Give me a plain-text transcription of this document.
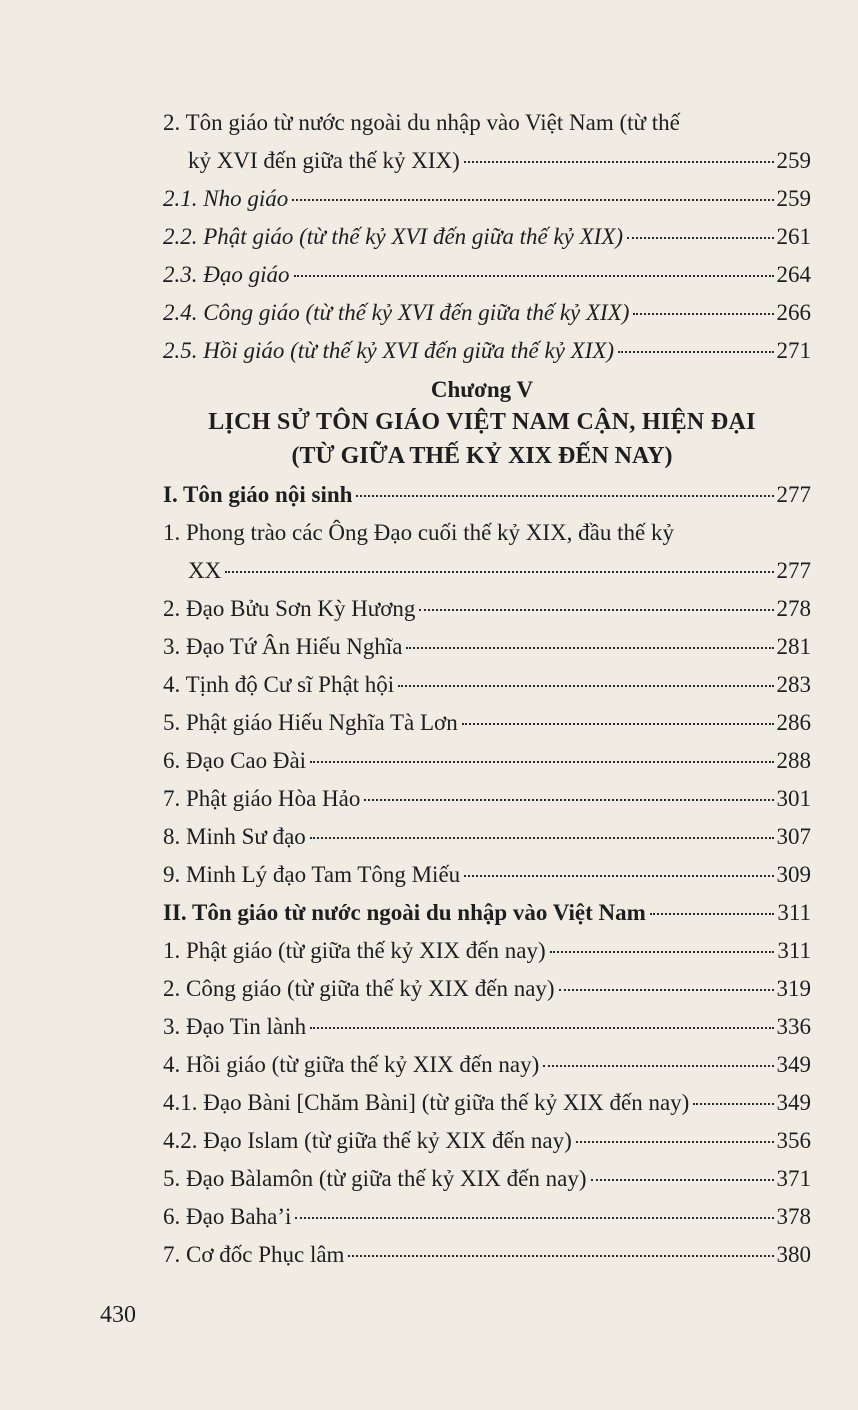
2. Tôn giáo từ nước ngoài du nhập vào Việt Nam (từ thế
kỷ XVI đến giữa thế kỷ XIX)	259
2.1. Nho giáo	259
2.2. Phật giáo (từ thế kỷ XVI đến giữa thế kỷ XIX)	261
2.3. Đạo giáo	264
2.4. Công giáo (từ thế kỷ XVI đến giữa thế kỷ XIX)	266
2.5. Hồi giáo (từ thế kỷ XVI đến giữa thế kỷ XIX)	271
Chương V
LỊCH SỬ TÔN GIÁO VIỆT NAM CẬN, HIỆN ĐẠI
(TỪ GIỮA THẾ KỶ XIX ĐẾN NAY)
I. Tôn giáo nội sinh	277
1. Phong trào các Ông Đạo cuối thế kỷ XIX, đầu thế kỷ
XX	277
2. Đạo Bửu Sơn Kỳ Hương	278
3. Đạo Tứ Ân Hiếu Nghĩa	281
4. Tịnh độ Cư sĩ Phật hội	283
5. Phật giáo Hiếu Nghĩa Tà Lơn	286
6. Đạo Cao Đài	288
7. Phật giáo Hòa Hảo	301
8. Minh Sư đạo	307
9. Minh Lý đạo Tam Tông Miếu	309
II. Tôn giáo từ nước ngoài du nhập vào Việt Nam	311
1. Phật giáo (từ giữa thế kỷ XIX đến nay)	311
2. Công giáo (từ giữa thế kỷ XIX đến nay)	319
3. Đạo Tin lành	336
4. Hồi giáo (từ giữa thế kỷ XIX đến nay)	349
4.1. Đạo Bàni [Chăm Bàni] (từ giữa thế kỷ XIX đến nay)	349
4.2. Đạo Islam (từ giữa thế kỷ XIX đến nay)	356
5. Đạo Bàlamôn (từ giữa thế kỷ XIX đến nay)	371
6. Đạo Baha’i	378
7. Cơ đốc Phục lâm	380
430
